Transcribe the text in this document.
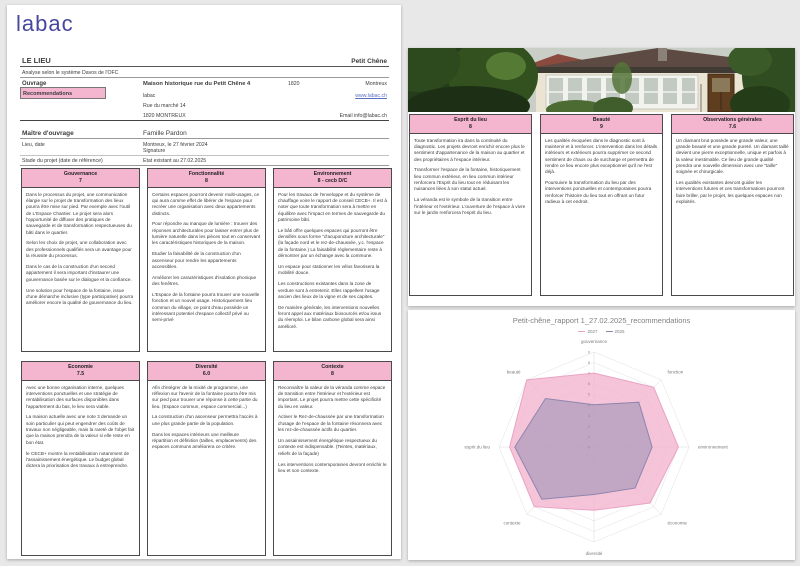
labac
LE LIEU	Petit Chêne
Analyse selon le système Davos de l'OFC
Ouvrage	Maison historique rue du Petit Chêne 4	1820	Montreux
Recommendations	labac	www.labac.ch
Rue du marché 14
1820 MONTREUX	Email info@labac.ch
Maître d'ouvrage	Famille Pardon
Lieu, date	Montreux, le 27 février 2024
Signature
Stade du projet (date de référence)	Etat existant au 27.02.2025
Gouvernance
7

Dans le processus du projet, une communication élargie sur le projet de transformation des lieux pourra être mise sur pied. Par exemple avec l'outil de L'Espace Chantier. Le projet sera alors l'opportunité de diffuser des pratiques de sauvegarde et de transformation respectueuses du bâti dans le quartier.

Selon les choix de projet, une collaboration avec des professionnels qualifiés sera un avantage pour la réussite du processus.

Dans le cas de la construction d'un second appartement il sera important d'instaurer une gouvernance basée sur le dialogue et la confiance.

Une solution pour l'espace de la fontaine, issue d'une démarche inclusive (type participative) pourra améliorer encore la qualité de gouvernance du lieu.

Fonctionnalité
8

Certains espaces pourront devenir multi-usages, ce qui aura comme effet de libérer de l'espace pour recréer une organisation avec deux appartements distincts.

Pour répondre au manque de lumière : trouver des réponses architecturales pour laisser entrer plus de lumière naturelle dans les pièces tout en conservant les caractéristiques historiques de la maison.

Etudier la faisabilité de la construction d'un ascenseur pour rendre les appartements accessibles.

Améliorer les caractéristiques d'isolation phonique des fenêtres.

L'Espace de la fontaine pourra trouver une nouvelle fonction et un nouvel usage. Historiquement lieu commun du village, ce point d'eau possède un intéressant potentiel d'espace collectif privé ou semi-privé

Environnement
8 - cecb D/C

Pour les travaux de l'enveloppe et du système de chauffage voire le rapport de conseil CECB+. Il est à noter que toute transformation sera à mettre en équilibre avec l'impact en termes de sauvegarde du patrimoine bâti.

Le bâti offre quelques espaces qui pourront être densifiés sous forme "d'acuponcture architecturale" (la façade nord et le rez-de-chaussée, y.c. l'espace de la fontaine.) La faisabilité réglementaire reste à démontrer par un échange avec la commune.

Un espace pour stationner les vélos favorisera la mobilité douce.

Les constructions existantes dans la zone de verdure sont à entretenir. Elles rappellent l'usage ancien des lieux de la vigne et de ses capites.

De manière générale, les interventions nouvelles feront appel aux matériaux biosourcés et/ou issus du réemploi. Le bilan carbone global sera ainsi amélioré.

Economie
7.5

Avec une bonne organisation interne, quelques interventions ponctuelles et une stratégie de rentabilisation des surfaces disponibles dans l'appartement du bas, le lieu sera viable.

La maison actuelle avec une note 3 demande un soin particulier qui peut engendrer des coûts de travaux non négligeable, mais la rareté de l'objet fait que la maison prendra de la valeur si elle reste en bon état.

le CECB+ montre la rentabilisation notamment de l'assainissement énergétique. Le budget global dictera la priorisation des travaux à entreprendre.

Diversité
6.0

Afin d'intégrer de la mixité de programme, une réflexion sur l'avenir de la fontaine pourra être mis sur pied pour trouver une réponse à cette partie du lieu. (Espace commun, espace commercial...)

La construction d'un ascenseur permettra l'accès à une plus grande partie de la population.

Dans les espaces intérieurs une meilleure répartition et définition (tailles, emplacements) des espaces communs améliorera ce critère.

Contexte
8

Reconnaître la valeur de la véranda comme espace de transition entre l'intérieur et l'extérieur est important. Le projet pourra mettre cette spécificité du lieu en valeur.

Activer le Rez-de-chaussée par une transformation d'usage de l'espace de la fontaine résonnera avec les rez-de-chaussée actifs du quartier.

Un assainissement énergétique respectueux du contexte est indispensable. (Teintes, matériaux, reliefs de la façade)

Les interventions contemporaines devront enrichir le lieu et son contexte.

Esprit du lieu
8

Toute transformation ira dans la continuité du diagnostic. Les projets devront enrichir encore plus le sentiment d'appartenance de la maison au quartier et des propriétaires à l'espace intérieur.

Transformer l'espace de la fontaine, historiquement lieu commun extérieur, en lieu commun intérieur renforcera l'Esprit du lieu tout en réduisant les nuisances liées à son statut actuel.

La véranda est le symbole de la transition entre l'intérieur et l'extérieur. L'ouverture de l'espace à vivre sur le jardin renforcera l'esprit du lieu.

Beauté
9

Les qualités évoquées dans le diagnostic sont à maintenir et à renforcer. L'intervention dans les détails intérieurs et extérieurs pourra supprimer ce second sentiment de chaos ou de surcharge et permettra de rendre ce lieu encore plus exceptionnel qu'il ne l'est déjà.

Poursuivre la transformation du lieu par des interventions ponctuelles et contemporaines pourra renforcer l'histoire du lieu tout en offrant un futur radieux à cet endroit.

Observations générales
7.6

Un diamant brut possède une grande valeur, une grande beauté et une grande pureté. Un diamant taillé devient une pierre exceptionnelle, unique et parfois à la valeur inestimable. Ce lieu de grande qualité prendra une nouvelle dimension avec une "taille" soignée et chirurgicale.

Les qualités existantes devront guider les interventions futures et ces transformations pourront faire briller, par le projet, les quelques espaces non exploités.

Petit-chêne_rapport 1_27.02.2025_recommendations
2027	2025
0
1
2
3
4
5
6
7
8
9
gouvernance
fonction
environnement
économie
diversité
contexte
esprit du lieu
beauté
